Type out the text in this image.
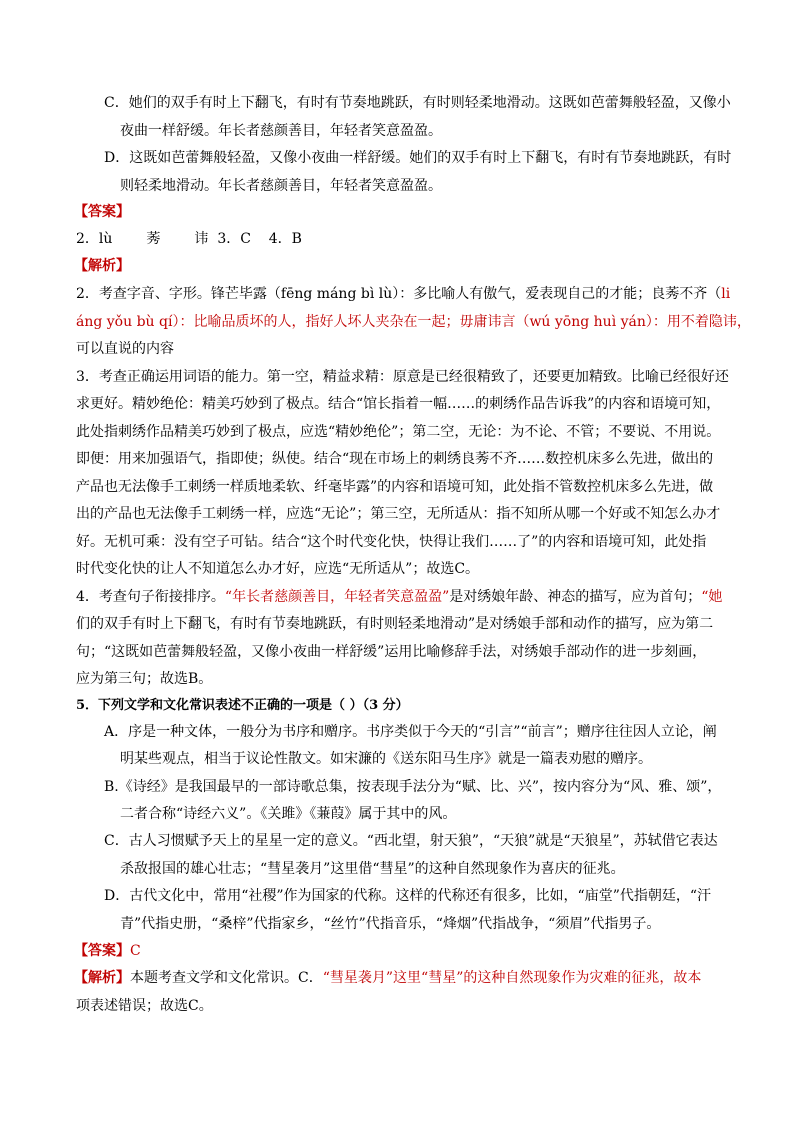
C．她们的双手有时上下翻飞，有时有节奏地跳跃，有时则轻柔地滑动。这既如芭蕾舞般轻盈，又像小
夜曲一样舒缓。年长者慈颜善目，年轻者笑意盈盈。
D．这既如芭蕾舞般轻盈，又像小夜曲一样舒缓。她们的双手有时上下翻飞，有时有节奏地跳跃，有时
则轻柔地滑动。年长者慈颜善目，年轻者笑意盈盈。
【答案】
2．lù 莠 讳 3．C 4．B
【解析】
2．考查字音、字形。锋芒毕露（fēng máng bì lù）：多比喻人有傲气，爱表现自己的才能；良莠不齐（li
áng yǒu bù qí）：比喻品质坏的人，指好人坏人夹杂在一起；毋庸讳言（wú yōng huì yán）：用不着隐讳，
可以直说的内容
3．考查正确运用词语的能力。第一空，精益求精：原意是已经很精致了，还要更加精致。比喻已经很好还
求更好。精妙绝伦：精美巧妙到了极点。结合“馆长指着一幅……的刺绣作品告诉我”的内容和语境可知，
此处指刺绣作品精美巧妙到了极点，应选“精妙绝伦”；第二空，无论：为不论、不管；不要说、不用说。
即便：用来加强语气，指即使；纵使。结合“现在市场上的刺绣良莠不齐……数控机床多么先进，做出的
产品也无法像手工刺绣一样质地柔软、纤毫毕露”的内容和语境可知，此处指不管数控机床多么先进，做
出的产品也无法像手工刺绣一样，应选“无论”；第三空，无所适从：指不知所从哪一个好或不知怎么办才
好。无机可乘：没有空子可钻。结合“这个时代变化快，快得让我们……了”的内容和语境可知，此处指
时代变化快的让人不知道怎么办才好，应选“无所适从”；故选C。
4．考查句子衔接排序。“年长者慈颜善目，年轻者笑意盈盈”是对绣娘年龄、神态的描写，应为首句；“她
们的双手有时上下翻飞，有时有节奏地跳跃，有时则轻柔地滑动”是对绣娘手部和动作的描写，应为第二
句；“这既如芭蕾舞般轻盈，又像小夜曲一样舒缓”运用比喻修辞手法，对绣娘手部动作的进一步刻画，
应为第三句；故选B。
5．下列文学和文化常识表述不正确的一项是（ ）（3 分）
A．序是一种文体，一般分为书序和赠序。书序类似于今天的“引言”“前言”；赠序往往因人立论，阐
明某些观点，相当于议论性散文。如宋濂的《送东阳马生序》就是一篇表劝慰的赠序。
B.《诗经》是我国最早的一部诗歌总集，按表现手法分为“赋、比、兴”，按内容分为“风、雅、颂”，
二者合称“诗经六义”。《关雎》《蒹葭》属于其中的风。
C．古人习惯赋予天上的星星一定的意义。“西北望，射天狼”，“天狼”就是“天狼星”，苏轼借它表达
杀敌报国的雄心壮志；“彗星袭月”这里借“彗星”的这种自然现象作为喜庆的征兆。
D．古代文化中，常用“社稷”作为国家的代称。这样的代称还有很多，比如，“庙堂”代指朝廷，“汗
青”代指史册，“桑梓”代指家乡，“丝竹”代指音乐，“烽烟”代指战争，“须眉”代指男子。
【答案】C
【解析】本题考查文学和文化常识。C．“彗星袭月”这里“彗星”的这种自然现象作为灾难的征兆，故本
项表述错误；故选C。
